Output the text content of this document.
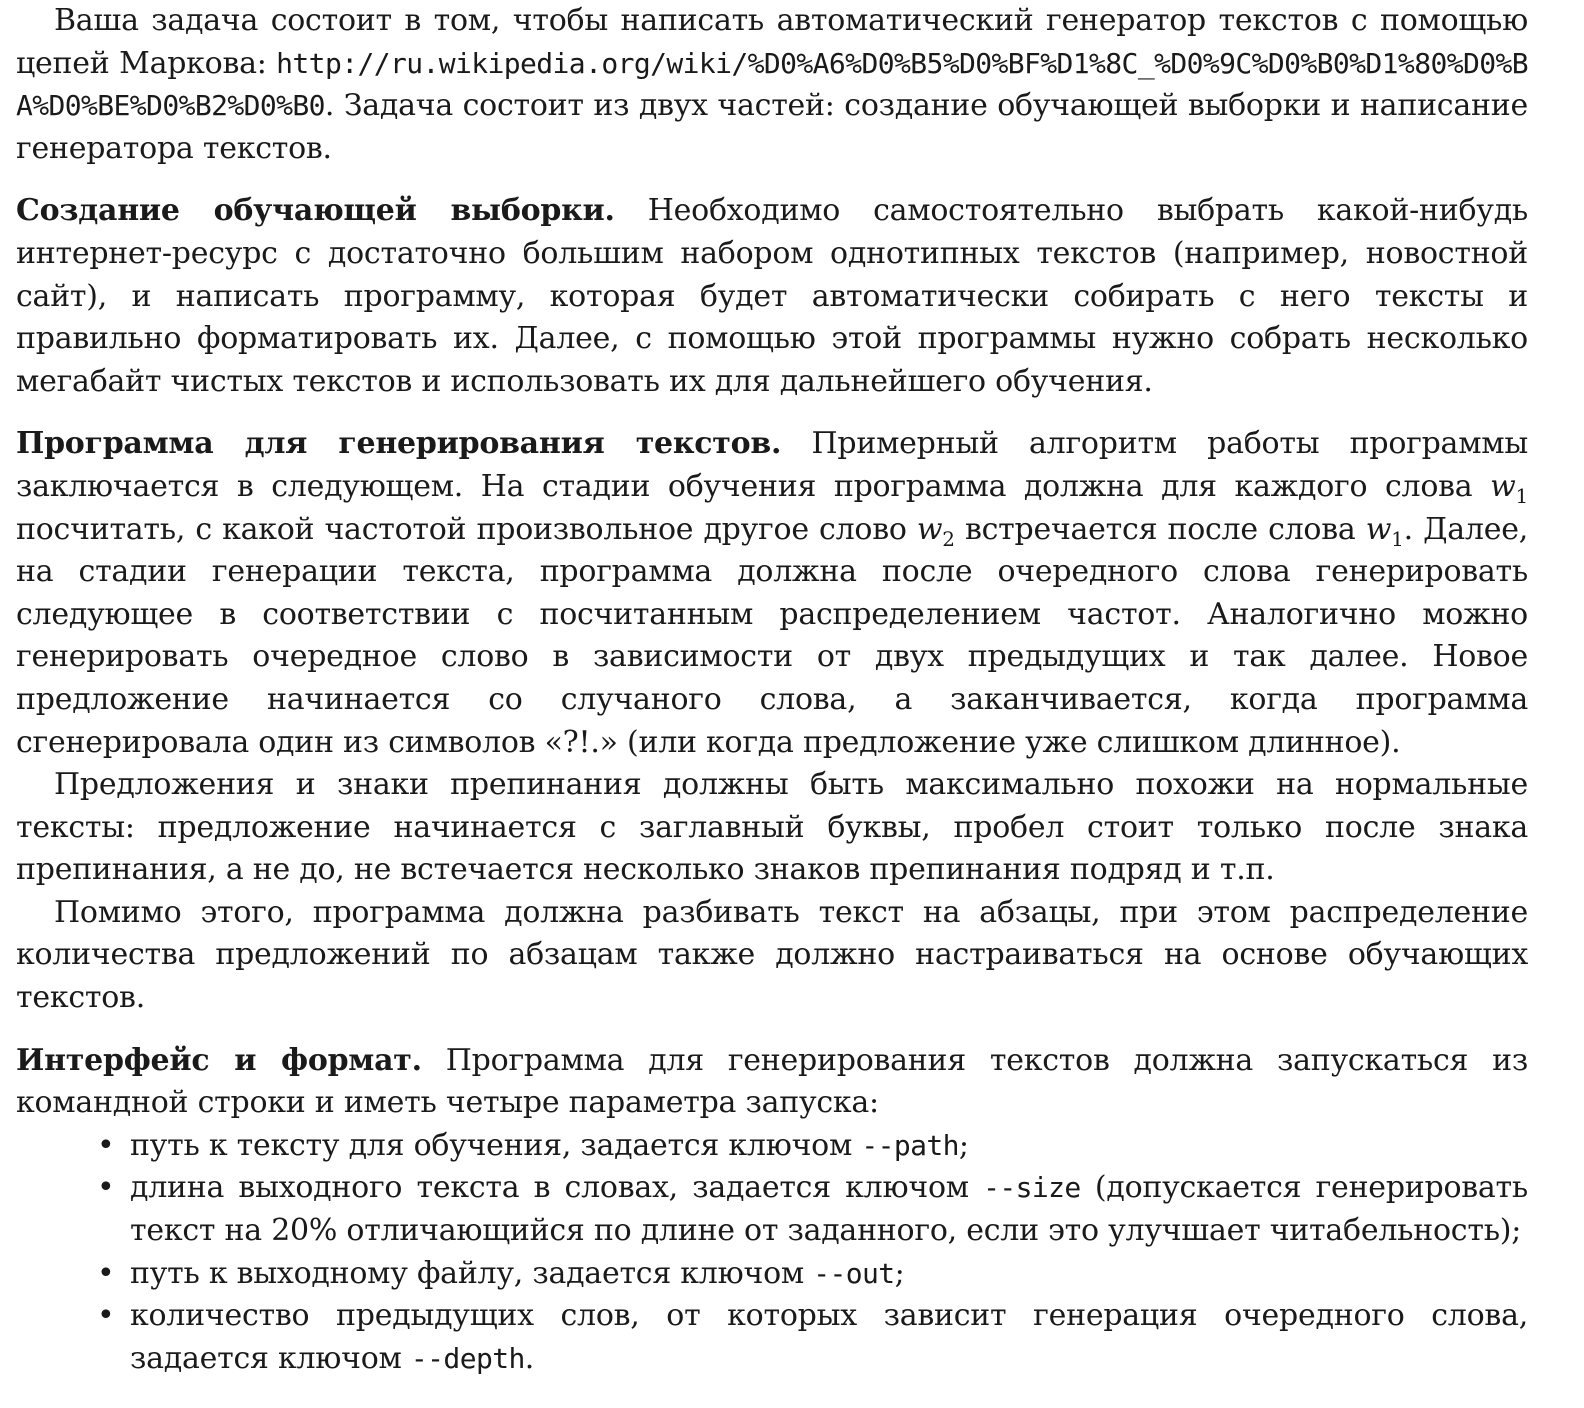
Ваша задача состоит в том, чтобы написать автоматический генератор текстов с помощью цепей Маркова: http://ru.wikipedia.org/wiki/%D0%A6%D0%B5%D0%BF%D1%8C_%D0%9C%D0%B0%D1%80%D0%BA%D0%BE%D0%B2%D0%B0. Задача состоит из двух частей: создание обучающей выборки и написание генератора текстов.

Создание обучающей выборки. Необходимо самостоятельно выбрать какой-нибудь интернет-ресурс с достаточно большим набором однотипных текстов (например, новостной сайт), и написать программу, которая будет автоматически собирать с него тексты и правильно форматировать их. Далее, с помощью этой программы нужно собрать несколько мегабайт чистых текстов и использовать их для дальнейшего обучения.

Программа для генерирования текстов. Примерный алгоритм работы программы заключается в следующем. На стадии обучения программа должна для каждого слова $w_1$ посчитать, с какой частотой произвольное другое слово $w_2$ встречается после слова $w_1$. Далее, на стадии генерации текста, программа должна после очередного слова генерировать следующее в соответствии с посчитанным распределением частот. Аналогично можно генерировать очередное слово в зависимости от двух предыдущих и так далее. Новое предложение начинается со случаного слова, а заканчивается, когда программа сгенерировала один из символов «?!.» (или когда предложение уже слишком длинное).

Предложения и знаки препинания должны быть максимально похожи на нормальные тексты: предложение начинается с заглавный буквы, пробел стоит только после знака препинания, а не до, не встечается несколько знаков препинания подряд и т.п.

Помимо этого, программа должна разбивать текст на абзацы, при этом распределение количества предложений по абзацам также должно настраиваться на основе обучающих текстов.

Интерфейс и формат. Программа для генерирования текстов должна запускаться из командной строки и иметь четыре параметра запуска:

• путь к тексту для обучения, задается ключом --path;
• длина выходного текста в словах, задается ключом --size (допускается генерировать текст на 20% отличающийся по длине от заданного, если это улучшает читабельность);
• путь к выходному файлу, задается ключом --out;
• количество предыдущих слов, от которых зависит генерация очередного слова, задается ключом --depth.
